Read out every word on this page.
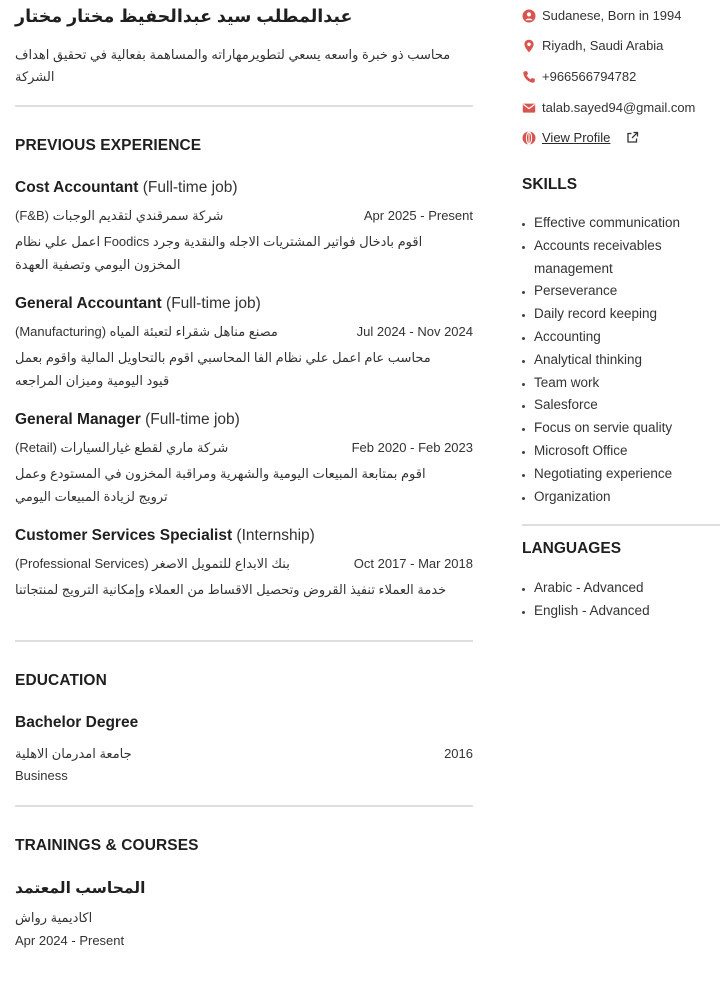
عبدالمطلب سيد عبدالحفيظ مختار مختار
محاسب ذو خبرة واسعه يسعي لتطويرمهاراته والمساهمة بفعالية في تحقيق اهداف الشركة
PREVIOUS EXPERIENCE
Cost Accountant (Full-time job)
شركة سمرقندي لتقديم الوجبات (F&B)	Apr 2025 - Present
اقوم بادخال فواتير المشتريات الاجله والنقدية وجرد Foodics اعمل علي نظام المخزون اليومي وتصفية العهدة
General Accountant (Full-time job)
مصنع مناهل شقراء لتعبئة المياه (Manufacturing)	Jul 2024 - Nov 2024
محاسب عام اعمل علي نظام الفا المحاسبي اقوم بالتحاويل المالية واقوم بعمل قيود اليومية وميزان المراجعه
General Manager (Full-time job)
شركة ماري لقطع غيارالسيارات (Retail)	Feb 2020 - Feb 2023
اقوم بمتابعة المبيعات اليومية والشهرية ومراقبة المخزون في المستودع وعمل ترويج لزيادة المبيعات اليومي
Customer Services Specialist (Internship)
بنك الابداع للتمويل الاصغر (Professional Services)	Oct 2017 - Mar 2018
خدمة العملاء تنفيذ القروض وتحصيل الاقساط من العملاء وإمكانية الترويج لمنتجاتنا
EDUCATION
Bachelor Degree
جامعة امدرمان الاهلية	2016
Business
TRAININGS & COURSES
المحاسب المعتمد
اكاديمية رواش
Apr 2024 - Present
Sudanese, Born in 1994
Riyadh, Saudi Arabia
+966566794782
talab.sayed94@gmail.com
View Profile
SKILLS
Effective communication
Accounts receivables management
Perseverance
Daily record keeping
Accounting
Analytical thinking
Team work
Salesforce
Focus on servie quality
Microsoft Office
Negotiating experience
Organization
LANGUAGES
Arabic - Advanced
English - Advanced
